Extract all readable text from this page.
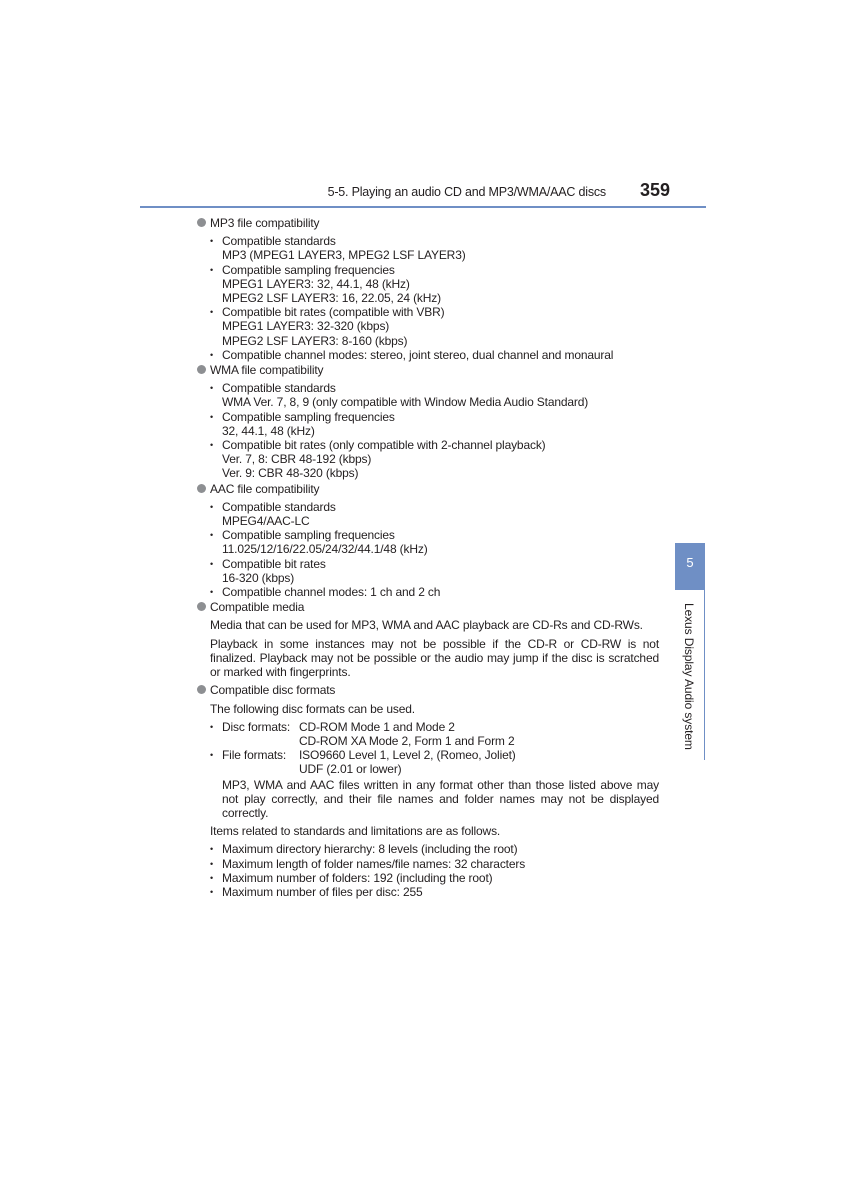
5-5. Playing an audio CD and MP3/WMA/AAC discs 359
5
Lexus Display Audio system
MP3 file compatibility
• Compatible standards
MP3 (MPEG1 LAYER3, MPEG2 LSF LAYER3)
• Compatible sampling frequencies
MPEG1 LAYER3: 32, 44.1, 48 (kHz)
MPEG2 LSF LAYER3: 16, 22.05, 24 (kHz)
• Compatible bit rates (compatible with VBR)
MPEG1 LAYER3: 32-320 (kbps)
MPEG2 LSF LAYER3: 8-160 (kbps)
• Compatible channel modes: stereo, joint stereo, dual channel and monaural
WMA file compatibility
• Compatible standards
WMA Ver. 7, 8, 9 (only compatible with Window Media Audio Standard)
• Compatible sampling frequencies
32, 44.1, 48 (kHz)
• Compatible bit rates (only compatible with 2-channel playback)
Ver. 7, 8: CBR 48-192 (kbps)
Ver. 9: CBR 48-320 (kbps)
AAC file compatibility
• Compatible standards
MPEG4/AAC-LC
• Compatible sampling frequencies
11.025/12/16/22.05/24/32/44.1/48 (kHz)
• Compatible bit rates
16-320 (kbps)
• Compatible channel modes: 1 ch and 2 ch
Compatible media

Media that can be used for MP3, WMA and AAC playback are CD-Rs and CD-RWs.

Playback in some instances may not be possible if the CD-R or CD-RW is not finalized. Playback may not be possible or the audio may jump if the disc is scratched or marked with fingerprints.

Compatible disc formats

The following disc formats can be used.

• Disc formats: CD-ROM Mode 1 and Mode 2
CD-ROM XA Mode 2, Form 1 and Form 2
• File formats:	ISO9660 Level 1, Level 2, (Romeo, Joliet)
UDF (2.01 or lower)
MP3, WMA and AAC files written in any format other than those listed above may not play correctly, and their file names and folder names may not be displayed correctly.

Items related to standards and limitations are as follows.

• Maximum directory hierarchy: 8 levels (including the root)
• Maximum length of folder names/file names: 32 characters
• Maximum number of folders: 192 (including the root)
• Maximum number of files per disc: 255
